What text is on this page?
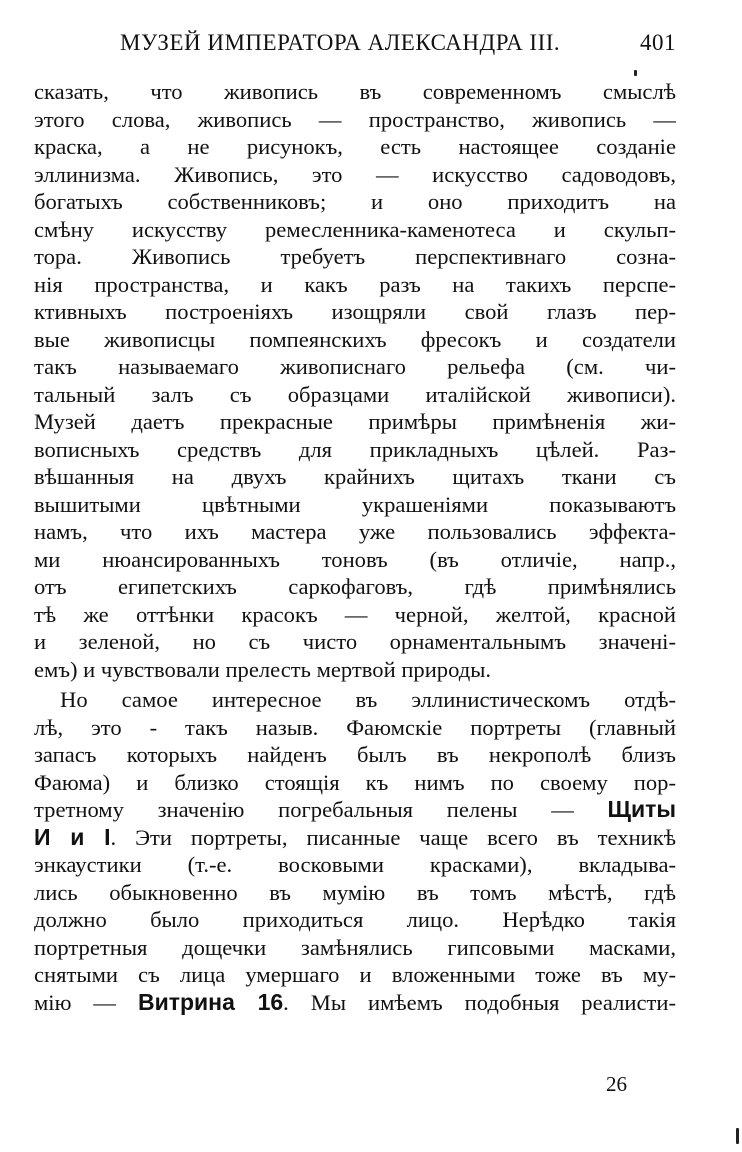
МУЗЕЙ ИМПЕРАТОРА АЛЕКСАНДРА III.	401
сказать, что живопись въ современномъ смыслѣ
этого слова, живопись — пространство, живопись —
краска, а не рисунокъ, есть настоящее созданіе
эллинизма. Живопись, это — искусство садоводовъ,
богатыхъ собственниковъ; и оно приходитъ на
смѣну искусству ремесленника-каменотеса и скульп-
тора. Живопись требуетъ перспективнаго созна-
нія пространства, и какъ разъ на такихъ перспе-
ктивныхъ построеніяхъ изощряли свой глазъ пер-
вые живописцы помпеянскихъ фресокъ и создатели
такъ называемаго живописнаго рельефа (см. чи-
тальный залъ съ образцами италійской живописи).
Музей даетъ прекрасные примѣры примѣненія жи-
вописныхъ средствъ для прикладныхъ цѣлей. Раз-
вѣшанныя на двухъ крайнихъ щитахъ ткани съ
вышитыми цвѣтными украшеніями показываютъ
намъ, что ихъ мастера уже пользовались эффекта-
ми нюансированныхъ тоновъ (въ отличіе, напр.,
отъ египетскихъ саркофаговъ, гдѣ примѣнялись
тѣ же оттѣнки красокъ — черной, желтой, красной
и зеленой, но съ чисто орнаментальнымъ значені-
емъ) и чувствовали прелесть мертвой природы.
Но самое интересное въ эллинистическомъ отдѣ-
лѣ, это - такъ назыв. Фаюмскіе портреты (главный
запасъ которыхъ найденъ былъ въ некрополѣ близъ
Фаюма) и близко стоящія къ нимъ по своему пор-
третному значенію погребальныя пелены — Щиты
И и I. Эти портреты, писанные чаще всего въ техникѣ
энкаустики (т.-е. восковыми красками), вкладыва-
лись обыкновенно въ мумію въ томъ мѣстѣ, гдѣ
должно было приходиться лицо. Нерѣдко такія
портретныя дощечки замѣнялись гипсовыми масками,
снятыми съ лица умершаго и вложенными тоже въ му-
мію — Витрина 16. Мы имѣемъ подобныя реалисти-
26
